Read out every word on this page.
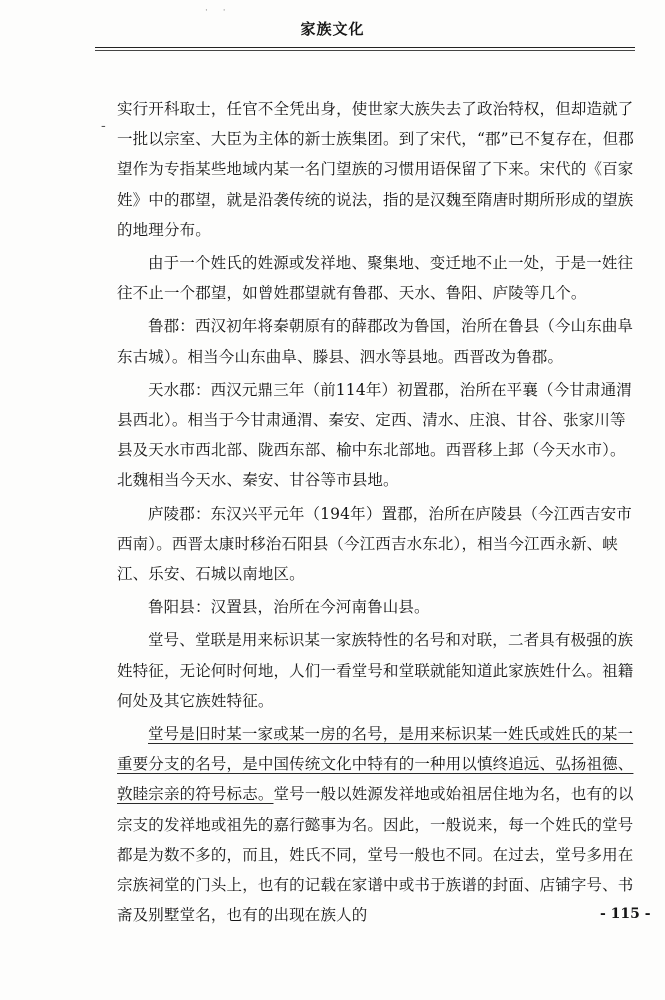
· ·
家族文化
-

实行开科取士，任官不全凭出身，使世家大族失去了政治特权，但却造就了一批以宗室、大臣为主体的新士族集团。到了宋代，“郡”已不复存在，但郡望作为专指某些地域内某一名门望族的习惯用语保留了下来。宋代的《百家姓》中的郡望，就是沿袭传统的说法，指的是汉魏至隋唐时期所形成的望族的地理分布。

由于一个姓氏的姓源或发祥地、聚集地、变迁地不止一处，于是一姓往往不止一个郡望，如曾姓郡望就有鲁郡、天水、鲁阳、庐陵等几个。

鲁郡：西汉初年将秦朝原有的薛郡改为鲁国，治所在鲁县（今山东曲阜东古城）。相当今山东曲阜、滕县、泗水等县地。西晋改为鲁郡。

天水郡：西汉元鼎三年（前114年）初置郡，治所在平襄（今甘肃通渭县西北）。相当于今甘肃通渭、秦安、定西、清水、庄浪、甘谷、张家川等县及天水市西北部、陇西东部、榆中东北部地。西晋移上邽（今天水市）。北魏相当今天水、秦安、甘谷等市县地。

庐陵郡：东汉兴平元年（194年）置郡，治所在庐陵县（今江西吉安市西南）。西晋太康时移治石阳县（今江西吉水东北），相当今江西永新、峡江、乐安、石城以南地区。

鲁阳县：汉置县，治所在今河南鲁山县。

堂号、堂联是用来标识某一家族特性的名号和对联，二者具有极强的族姓特征，无论何时何地，人们一看堂号和堂联就能知道此家族姓什么。祖籍何处及其它族姓特征。

堂号是旧时某一家或某一房的名号，是用来标识某一姓氏或姓氏的某一重要分支的名号，是中国传统文化中特有的一种用以慎终追远、弘扬祖德、敦睦宗亲的符号标志。堂号一般以姓源发祥地或始祖居住地为名，也有的以宗支的发祥地或祖先的嘉行懿事为名。因此，一般说来，每一个姓氏的堂号都是为数不多的，而且，姓氏不同，堂号一般也不同。在过去，堂号多用在宗族祠堂的门头上，也有的记载在家谱中或书于族谱的封面、店铺字号、书斋及别墅堂名，也有的出现在族人的	- 115 -
